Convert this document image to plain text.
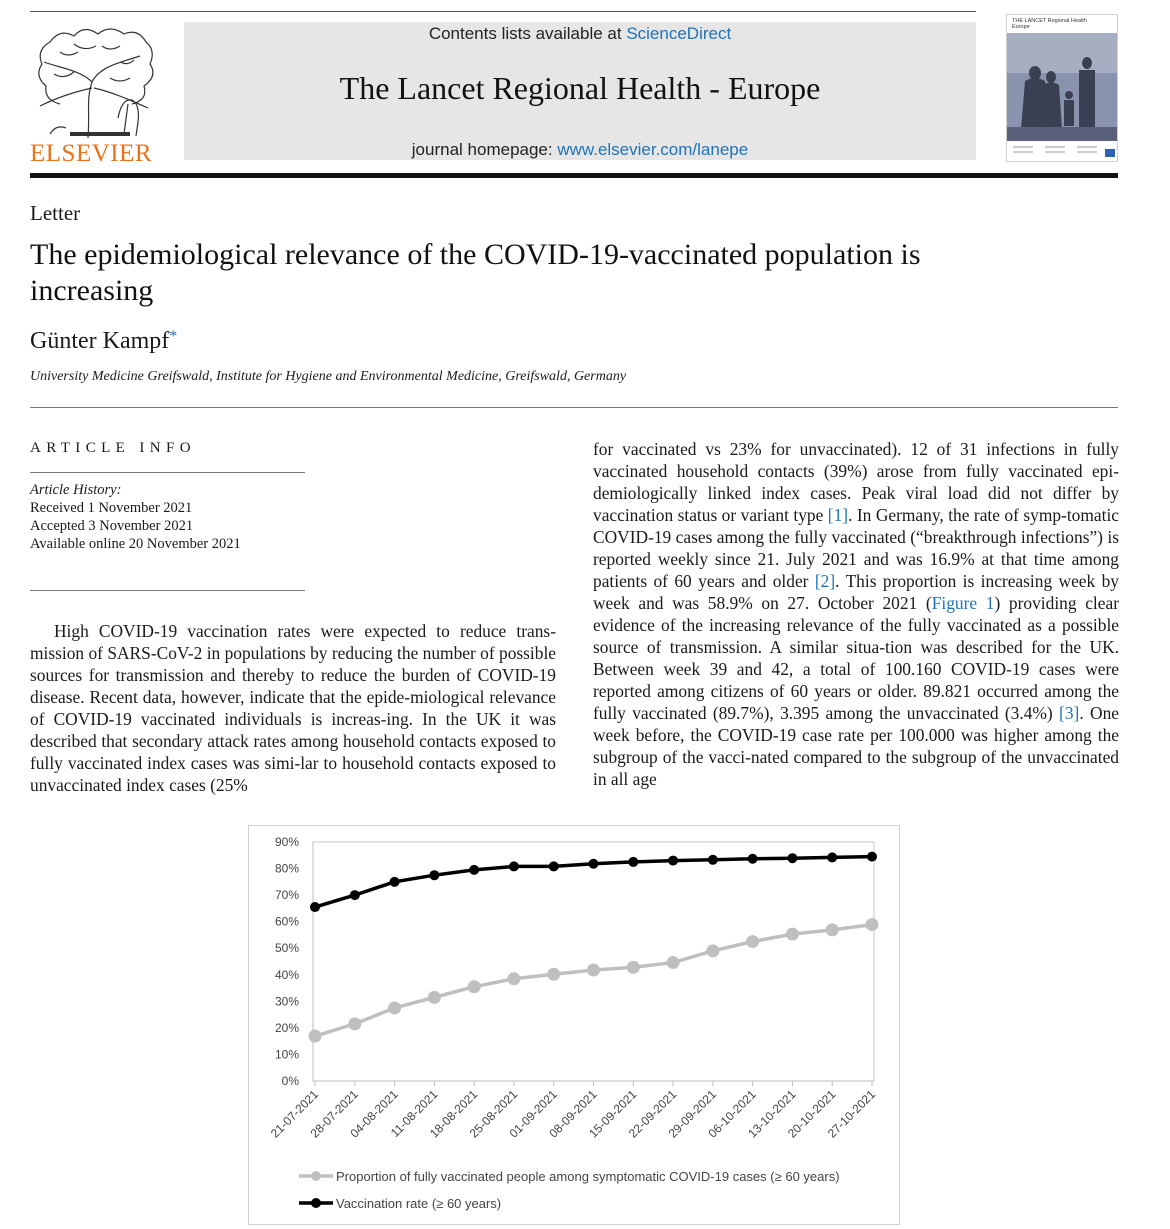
ELSEVIER
Contents lists available at ScienceDirect
The Lancet Regional Health - Europe
journal homepage: www.elsevier.com/lanepe
THE LANCET Regional Health
Europe
Letter
The epidemiological relevance of the COVID-19-vaccinated population is increasing
Günter Kampf*
University Medicine Greifswald, Institute for Hygiene and Environmental Medicine, Greifswald, Germany
ARTICLE INFO
Article History:
Received 1 November 2021
Accepted 3 November 2021
Available online 20 November 2021

High COVID-19 vaccination rates were expected to reduce trans-mission of SARS-CoV-2 in populations by reducing the number of possible sources for transmission and thereby to reduce the burden of COVID-19 disease. Recent data, however, indicate that the epide-miological relevance of COVID-19 vaccinated individuals is increas-ing. In the UK it was described that secondary attack rates among household contacts exposed to fully vaccinated index cases was simi-lar to household contacts exposed to unvaccinated index cases (25%

for vaccinated vs 23% for unvaccinated). 12 of 31 infections in fully vaccinated household contacts (39%) arose from fully vaccinated epi-demiologically linked index cases. Peak viral load did not differ by vaccination status or variant type [1]. In Germany, the rate of symp-tomatic COVID-19 cases among the fully vaccinated (“breakthrough infections”) is reported weekly since 21. July 2021 and was 16.9% at that time among patients of 60 years and older [2]. This proportion is increasing week by week and was 58.9% on 27. October 2021 (Figure 1) providing clear evidence of the increasing relevance of the fully vaccinated as a possible source of transmission. A similar situa-tion was described for the UK. Between week 39 and 42, a total of 100.160 COVID-19 cases were reported among citizens of 60 years or older. 89.821 occurred among the fully vaccinated (89.7%), 3.395 among the unvaccinated (3.4%) [3]. One week before, the COVID-19 case rate per 100.000 was higher among the subgroup of the vacci-nated compared to the subgroup of the unvaccinated in all age

0%
10%
20%
30%
40%
50%
60%
70%
80%
90%
21-07-2021
28-07-2021
04-08-2021
11-08-2021
18-08-2021
25-08-2021
01-09-2021
08-09-2021
15-09-2021
22-09-2021
29-09-2021
06-10-2021
13-10-2021
20-10-2021
27-10-2021
Proportion of fully vaccinated people among symptomatic COVID-19 cases (≥ 60 years)
Vaccination rate (≥ 60 years)
